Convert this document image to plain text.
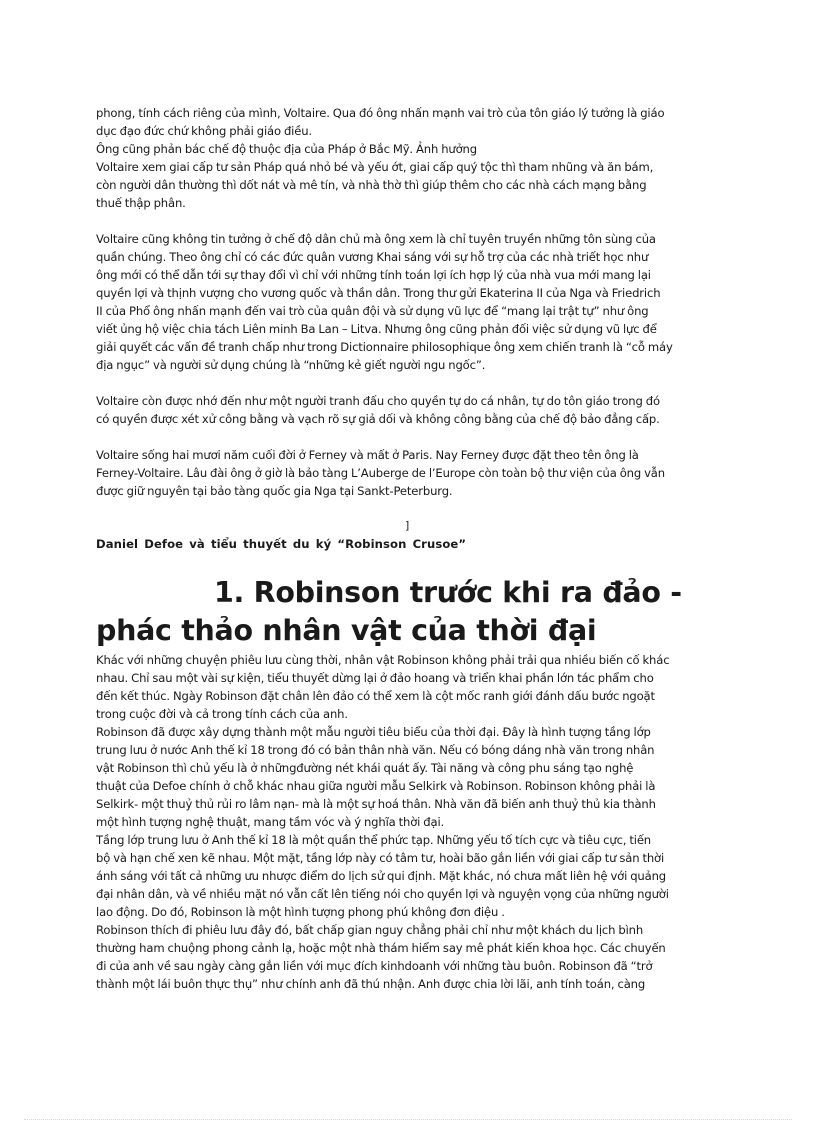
phong, tính cách riêng của mình, Voltaire. Qua đó ông nhấn mạnh vai trò của tôn giáo lý tưởng là giáo
dục đạo đức chứ không phải giáo điều.
Ông cũng phản bác chế độ thuộc địa của Pháp ở Bắc Mỹ. Ảnh hưởng
Voltaire xem giai cấp tư sản Pháp quá nhỏ bé và yếu ớt, giai cấp quý tộc thì tham nhũng và ăn bám,
còn người dân thường thì dốt nát và mê tín, và nhà thờ thì giúp thêm cho các nhà cách mạng bằng
thuế thập phân.

Voltaire cũng không tin tưởng ở chế độ dân chủ mà ông xem là chỉ tuyên truyền những tôn sùng của
quần chúng. Theo ông chỉ có các đức quân vương Khai sáng với sự hỗ trợ của các nhà triết học như
ông mới có thể dẫn tới sự thay đổi vì chỉ với những tính toán lợi ích hợp lý của nhà vua mới mang lại
quyền lợi và thịnh vượng cho vương quốc và thần dân. Trong thư gửi Ekaterina II của Nga và Friedrich
II của Phổ ông nhấn mạnh đến vai trò của quân đội và sử dụng vũ lực để “mang lại trật tự” như ông
viết ủng hộ việc chia tách Liên minh Ba Lan – Litva. Nhưng ông cũng phản đối việc sử dụng vũ lực để
giải quyết các vấn đề tranh chấp như trong Dictionnaire philosophique ông xem chiến tranh là “cỗ máy
địa ngục” và người sử dụng chúng là “những kẻ giết người ngu ngốc”.

Voltaire còn được nhớ đến như một người tranh đấu cho quyền tự do cá nhân, tự do tôn giáo trong đó
có quyền được xét xử công bằng và vạch rõ sự giả dối và không công bằng của chế độ bảo đẳng cấp.

Voltaire sống hai mươi năm cuối đời ở Ferney và mất ở Paris. Nay Ferney được đặt theo tên ông là
Ferney-Voltaire. Lâu đài ông ở giờ là bảo tàng L’Auberge de l’Europe còn toàn bộ thư viện của ông vẫn
được giữ nguyên tại bảo tàng quốc gia Nga tại Sankt-Peterburg.

]
Daniel Defoe và tiểu thuyết du ký “Robinson Crusoe”
1. Robinson trước khi ra đảo -
phác thảo nhân vật của thời đại

Khác với những chuyện phiêu lưu cùng thời, nhân vật Robinson không phải trải qua nhiều biến cố khác
nhau. Chỉ sau một vài sự kiện, tiểu thuyết dừng lại ở đảo hoang và triển khai phần lớn tác phẩm cho
đến kết thúc. Ngày Robinson đặt chân lên đảo có thể xem là cột mốc ranh giới đánh dấu bước ngoặt
trong cuộc đời và cả trong tính cách của anh.
Robinson đã được xây dựng thành một mẫu người tiêu biểu của thời đại. Đây là hình tượng tầng lớp
trung lưu ở nước Anh thế kỉ 18 trong đó có bản thân nhà văn. Nếu có bóng dáng nhà văn trong nhân
vật Robinson thì chủ yếu là ở nhữngđường nét khái quát ấy. Tài năng và công phu sáng tạo nghệ
thuật của Defoe chính ở chỗ khác nhau giữa người mẫu Selkirk và Robinson. Robinson không phải là
Selkirk- một thuỷ thủ rủi ro lâm nạn- mà là một sự hoá thân. Nhà văn đã biến anh thuỷ thủ kia thành
một hình tượng nghệ thuật, mang tầm vóc và ý nghĩa thời đại.
Tầng lớp trung lưu ở Anh thế kỉ 18 là một quần thể phức tạp. Những yếu tố tích cực và tiêu cực, tiến
bộ và hạn chế xen kẽ nhau. Một mặt, tầng lớp này có tâm tư, hoài bão gắn liền với giai cấp tư sản thời
ánh sáng với tất cả những ưu nhược điểm do lịch sử qui định. Mặt khác, nó chưa mất liên hệ với quảng
đại nhân dân, và về nhiều mặt nó vẫn cất lên tiếng nói cho quyền lợi và nguyện vọng của những người
lao động. Do đó, Robinson là một hình tượng phong phú không đơn điệu .
Robinson thích đi phiêu lưu đây đó, bất chấp gian nguy chẳng phải chỉ như một khách du lịch bình
thường ham chuộng phong cảnh lạ, hoặc một nhà thám hiểm say mê phát kiến khoa học. Các chuyến
đi của anh về sau ngày càng gắn liền với mục đích kinhdoanh với những tàu buôn. Robinson đã “trở
thành một lái buôn thực thụ” như chính anh đã thú nhận. Anh được chia lời lãi, anh tính toán, càng
